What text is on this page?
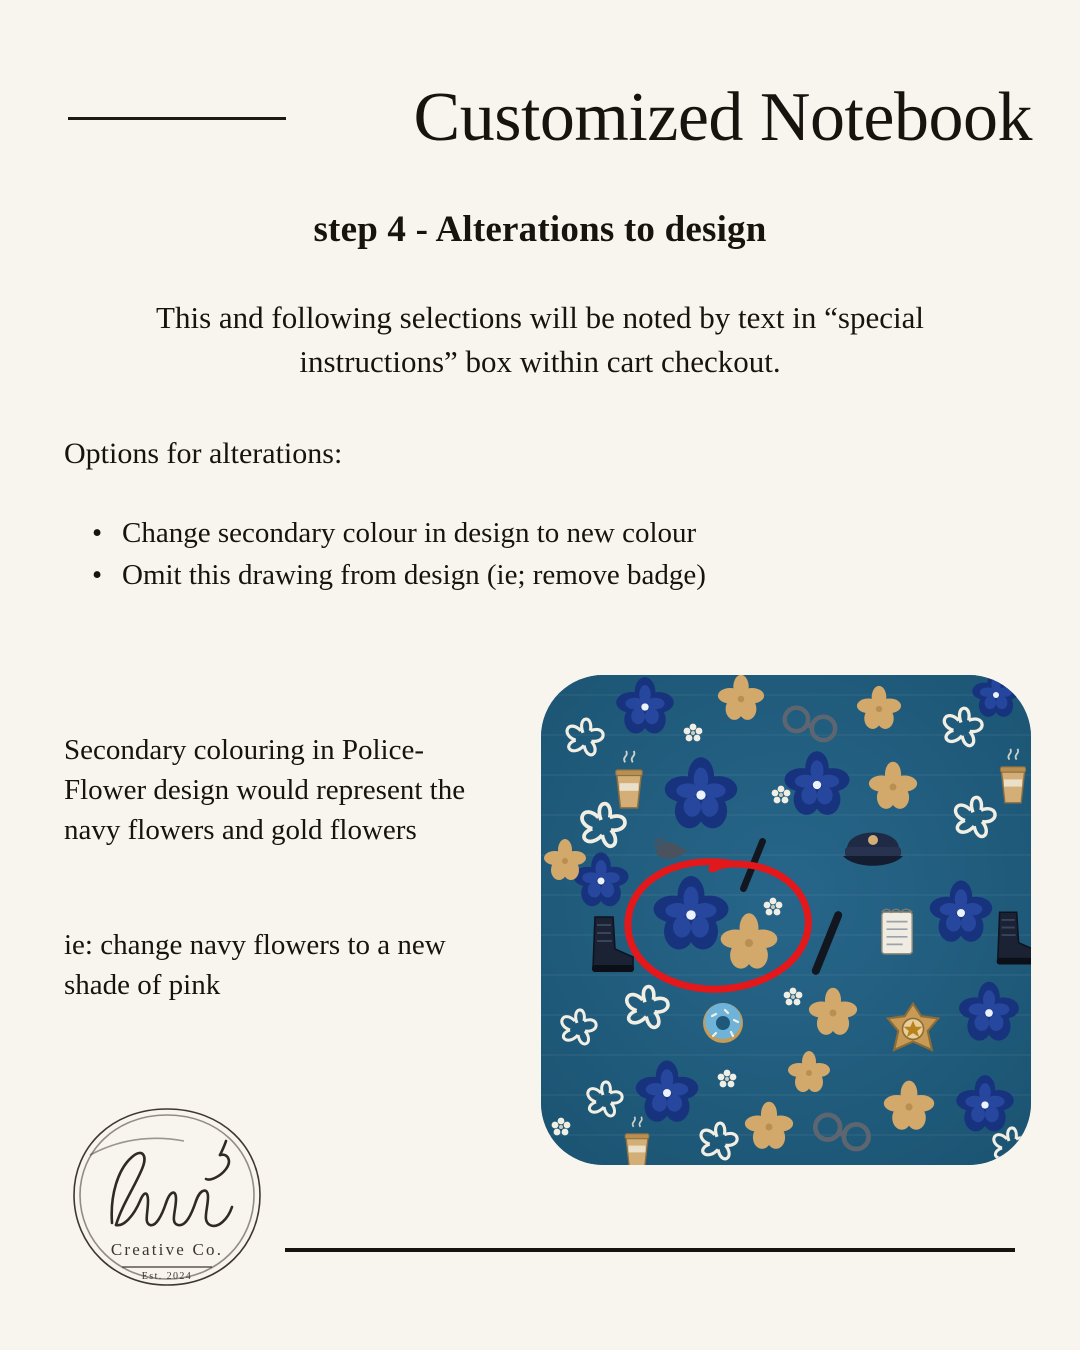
Customized Notebook
step 4 - Alterations to design
This and following selections will be noted by text in “special instructions” box within cart checkout.
Options for alterations:
• Change secondary colour in design to new colour
• Omit this drawing from design (ie; remove badge)
Secondary colouring in Police- Flower design would represent the navy flowers and gold flowers
ie: change navy flowers to a new shade of pink
Creative Co.
Est. 2024
